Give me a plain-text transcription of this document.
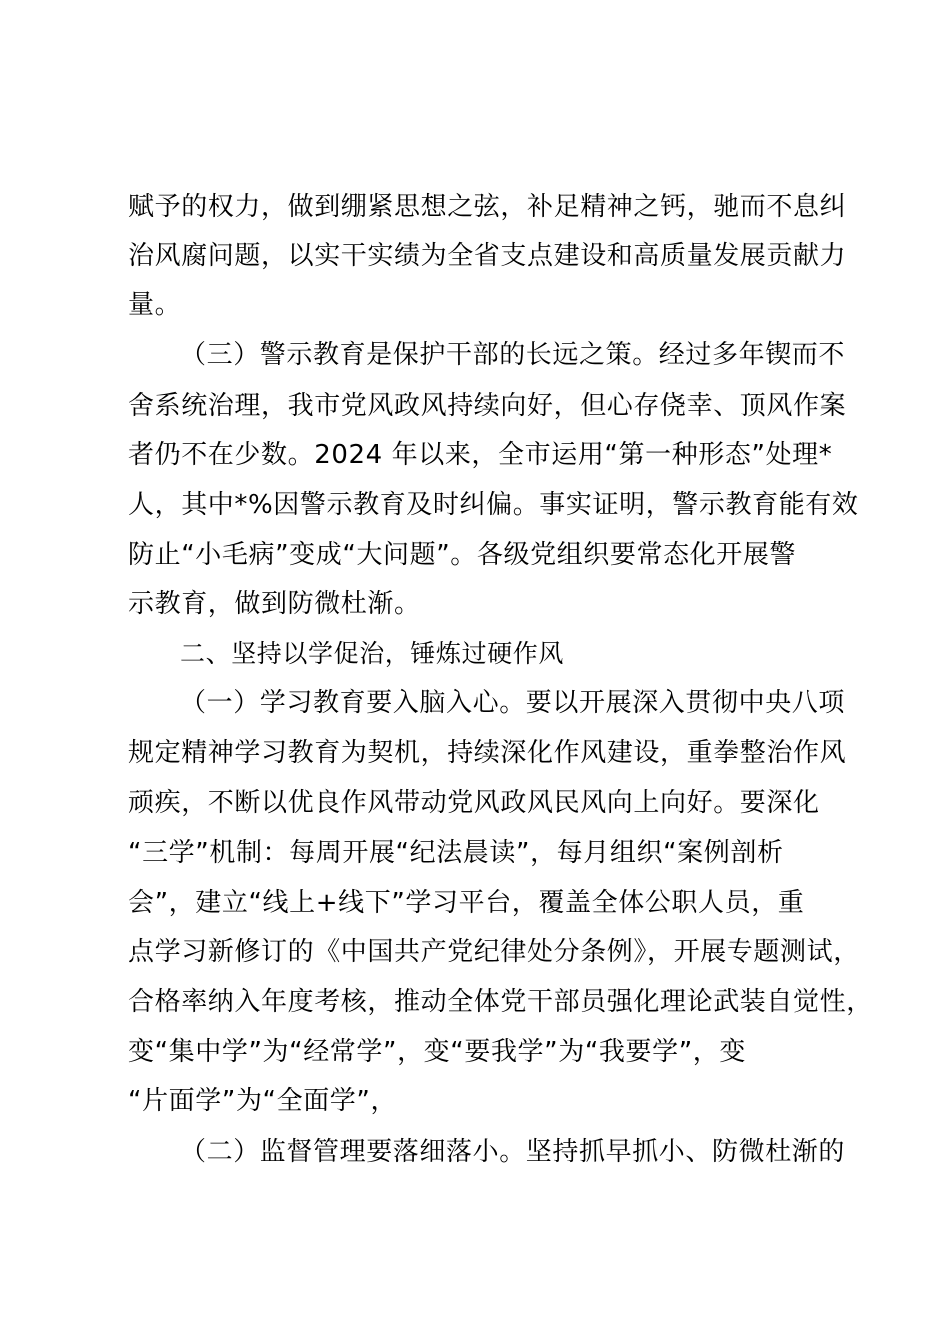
赋予的权力，做到绷紧思想之弦，补足精神之钙，驰而不息纠
治风腐问题，以实干实绩为全省支点建设和高质量发展贡献力
量。
（三）警示教育是保护干部的长远之策。经过多年锲而不
舍系统治理，我市党风政风持续向好，但心存侥幸、顶风作案
者仍不在少数。2024 年以来，全市运用“第一种形态”处理*
人，其中*%因警示教育及时纠偏。事实证明，警示教育能有效
防止“小毛病”变成“大问题”。各级党组织要常态化开展警
示教育，做到防微杜渐。
二、坚持以学促治，锤炼过硬作风
（一）学习教育要入脑入心。要以开展深入贯彻中央八项
规定精神学习教育为契机，持续深化作风建设，重拳整治作风
顽疾，不断以优良作风带动党风政风民风向上向好。要深化
“三学”机制：每周开展“纪法晨读”，每月组织“案例剖析
会”，建立“线上+线下”学习平台，覆盖全体公职人员，重
点学习新修订的《中国共产党纪律处分条例》，开展专题测试，
合格率纳入年度考核，推动全体党干部员强化理论武装自觉性，
变“集中学”为“经常学”，变“要我学”为“我要学”，变
“片面学”为“全面学”，
（二）监督管理要落细落小。坚持抓早抓小、防微杜渐的
